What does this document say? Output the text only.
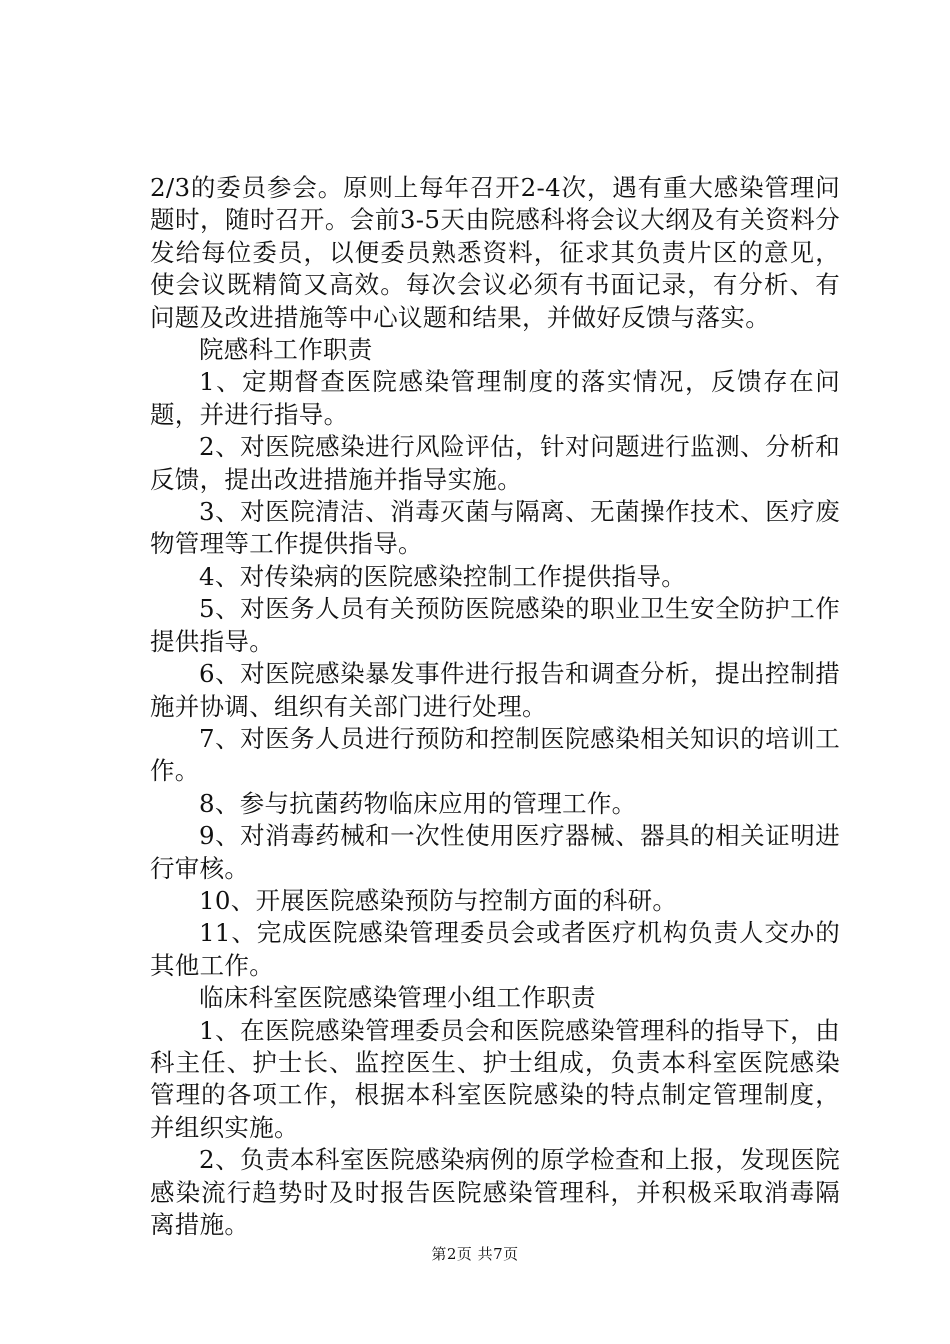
2/3的委员参会。原则上每年召开2-4次，遇有重大感染管理问题时，随时召开。会前3-5天由院感科将会议大纲及有关资料分发给每位委员，以便委员熟悉资料，征求其负责片区的意见，使会议既精简又高效。每次会议必须有书面记录，有分析、有问题及改进措施等中心议题和结果，并做好反馈与落实。

院感科工作职责

1、定期督查医院感染管理制度的落实情况，反馈存在问题，并进行指导。

2、对医院感染进行风险评估，针对问题进行监测、分析和反馈，提出改进措施并指导实施。

3、对医院清洁、消毒灭菌与隔离、无菌操作技术、医疗废物管理等工作提供指导。

4、对传染病的医院感染控制工作提供指导。

5、对医务人员有关预防医院感染的职业卫生安全防护工作提供指导。

6、对医院感染暴发事件进行报告和调查分析，提出控制措施并协调、组织有关部门进行处理。

7、对医务人员进行预防和控制医院感染相关知识的培训工作。

8、参与抗菌药物临床应用的管理工作。

9、对消毒药械和一次性使用医疗器械、器具的相关证明进行审核。

10、开展医院感染预防与控制方面的科研。

11、完成医院感染管理委员会或者医疗机构负责人交办的其他工作。

临床科室医院感染管理小组工作职责

1、在医院感染管理委员会和医院感染管理科的指导下，由科主任、护士长、监控医生、护士组成，负责本科室医院感染管理的各项工作，根据本科室医院感染的特点制定管理制度，并组织实施。

2、负责本科室医院感染病例的原学检查和上报，发现医院感染流行趋势时及时报告医院感染管理科，并积极采取消毒隔离措施。

第2页 共7页
